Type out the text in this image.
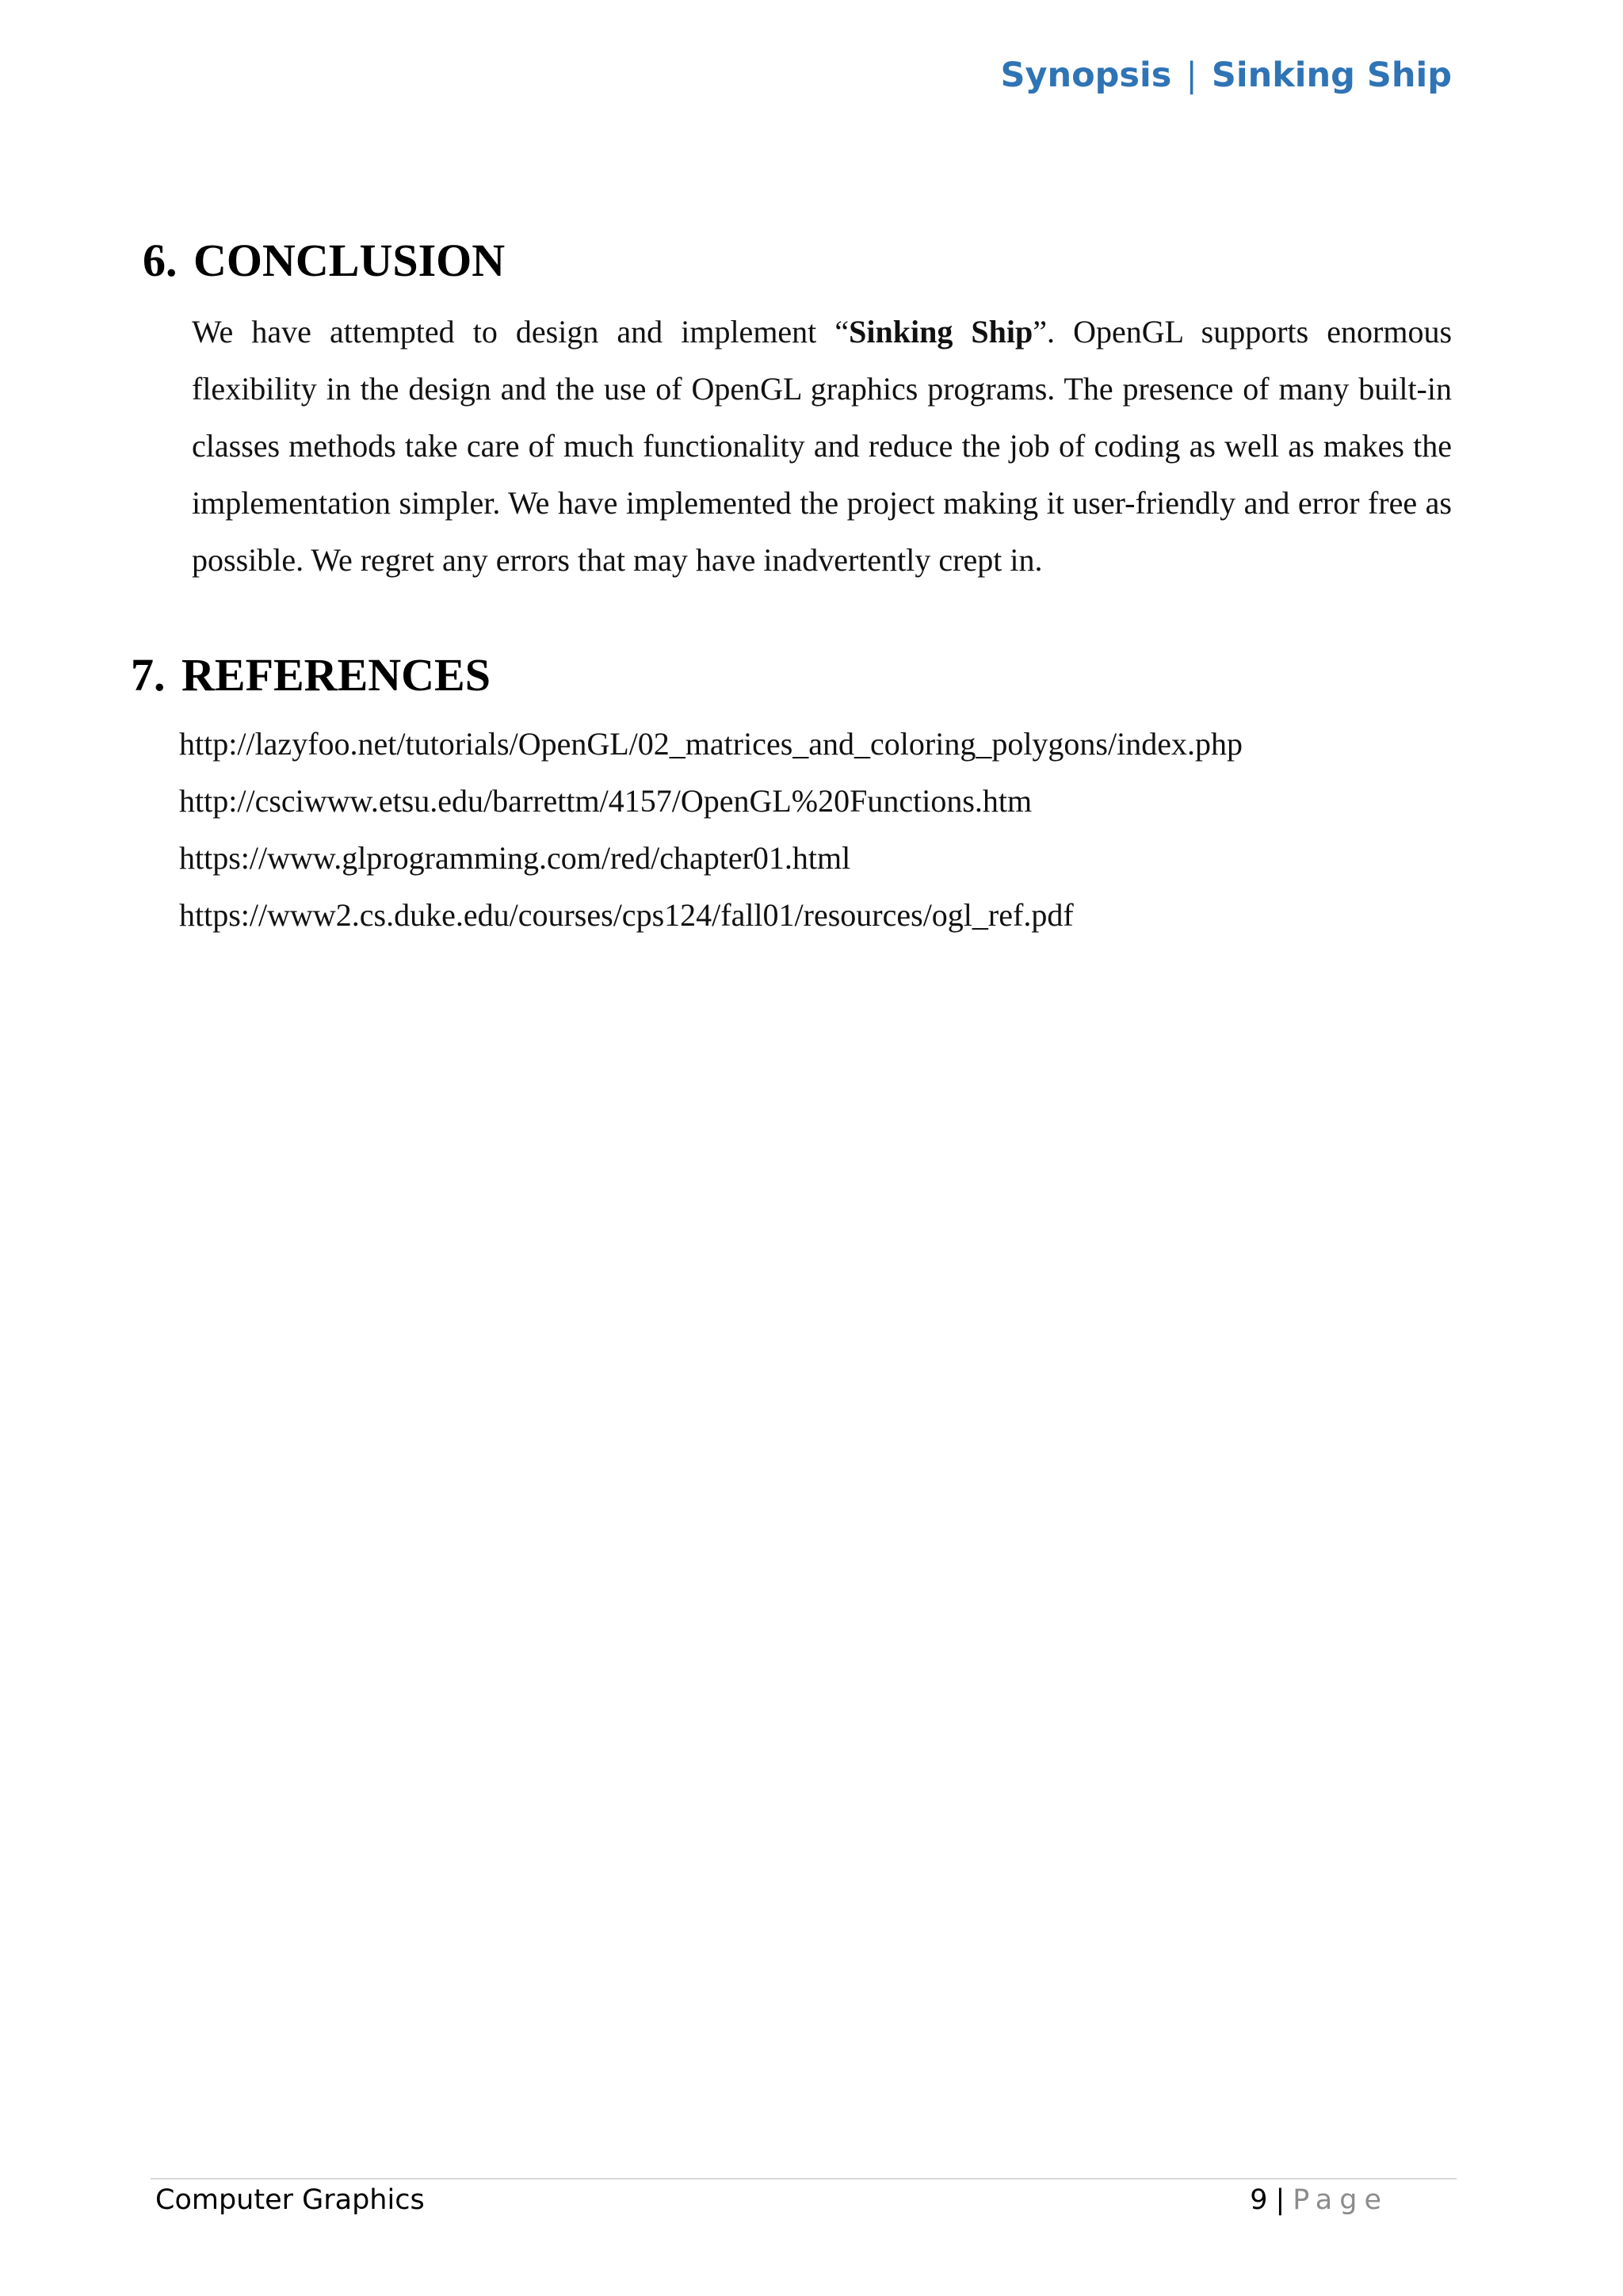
Synopsis | Sinking Ship
6. CONCLUSION

We have attempted to design and implement “Sinking Ship”. OpenGL supports enormous flexibility in the design and the use of OpenGL graphics programs. The presence of many built-in classes methods take care of much functionality and reduce the job of coding as well as makes the implementation simpler. We have implemented the project making it user-friendly and error free as possible. We regret any errors that may have inadvertently crept in.

7. REFERENCES
http://lazyfoo.net/tutorials/OpenGL/02_matrices_and_coloring_polygons/index.php
http://csciwww.etsu.edu/barrettm/4157/OpenGL%20Functions.htm
https://www.glprogramming.com/red/chapter01.html
https://www2.cs.duke.edu/courses/cps124/fall01/resources/ogl_ref.pdf
Computer Graphics	9 | Page
